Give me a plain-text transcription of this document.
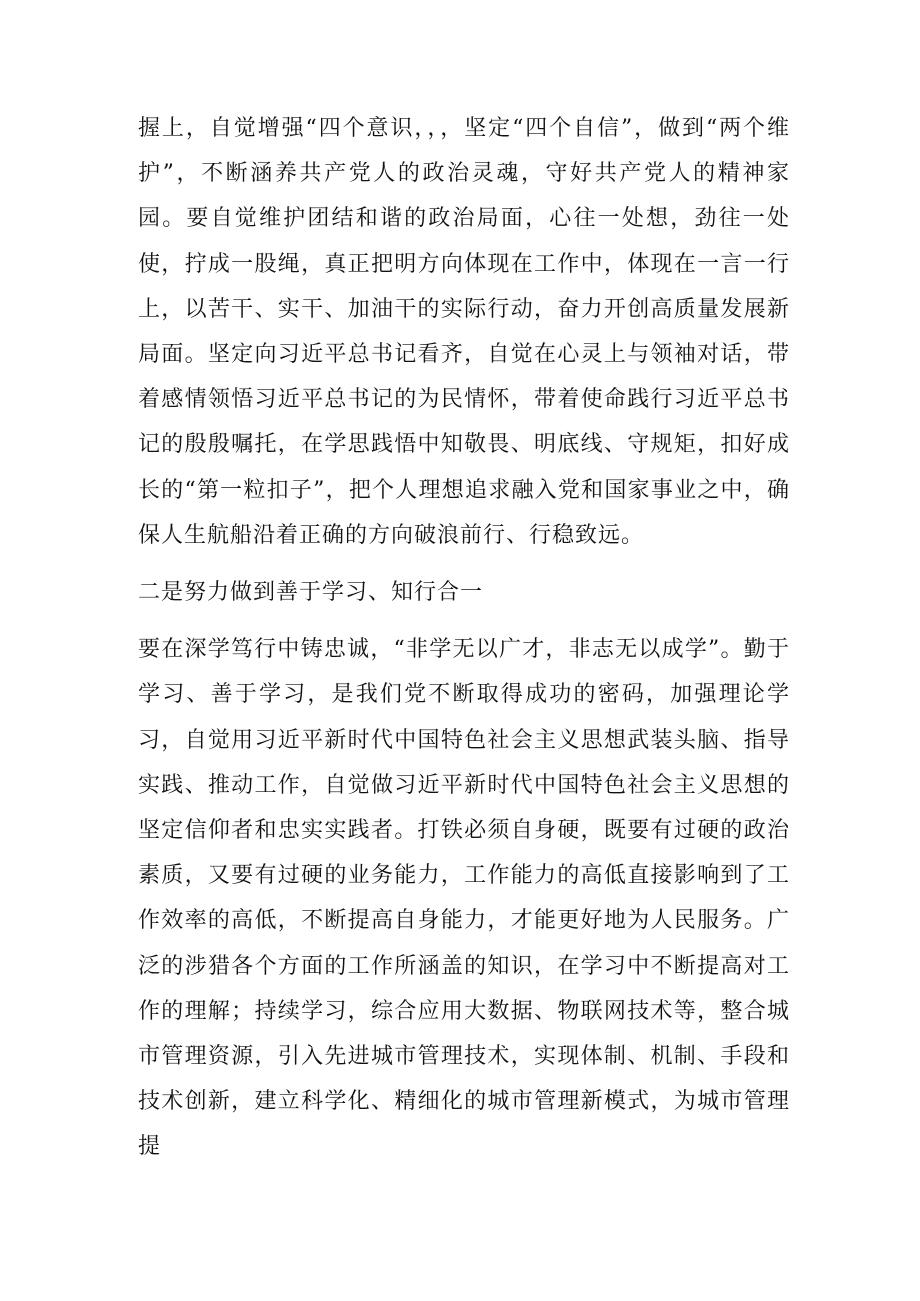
握上，自觉增强“四个意识，，，坚定“四个自信”，做到“两个维护”，不断涵养共产党人的政治灵魂，守好共产党人的精神家园。要自觉维护团结和谐的政治局面，心往一处想，劲往一处使，拧成一股绳，真正把明方向体现在工作中，体现在一言一行上，以苦干、实干、加油干的实际行动，奋力开创高质量发展新局面。坚定向习近平总书记看齐，自觉在心灵上与领袖对话，带着感情领悟习近平总书记的为民情怀，带着使命践行习近平总书记的殷殷嘱托，在学思践悟中知敬畏、明底线、守规矩，扣好成长的“第一粒扣子”，把个人理想追求融入党和国家事业之中，确保人生航船沿着正确的方向破浪前行、行稳致远。

二是努力做到善于学习、知行合一

要在深学笃行中铸忠诚，“非学无以广才，非志无以成学”。勤于学习、善于学习，是我们党不断取得成功的密码，加强理论学习，自觉用习近平新时代中国特色社会主义思想武装头脑、指导实践、推动工作，自觉做习近平新时代中国特色社会主义思想的坚定信仰者和忠实实践者。打铁必须自身硬，既要有过硬的政治素质，又要有过硬的业务能力，工作能力的高低直接影响到了工作效率的高低，不断提高自身能力，才能更好地为人民服务。广泛的涉猎各个方面的工作所涵盖的知识，在学习中不断提高对工作的理解；持续学习，综合应用大数据、物联网技术等，整合城市管理资源，引入先进城市管理技术，实现体制、机制、手段和技术创新，建立科学化、精细化的城市管理新模式，为城市管理提
